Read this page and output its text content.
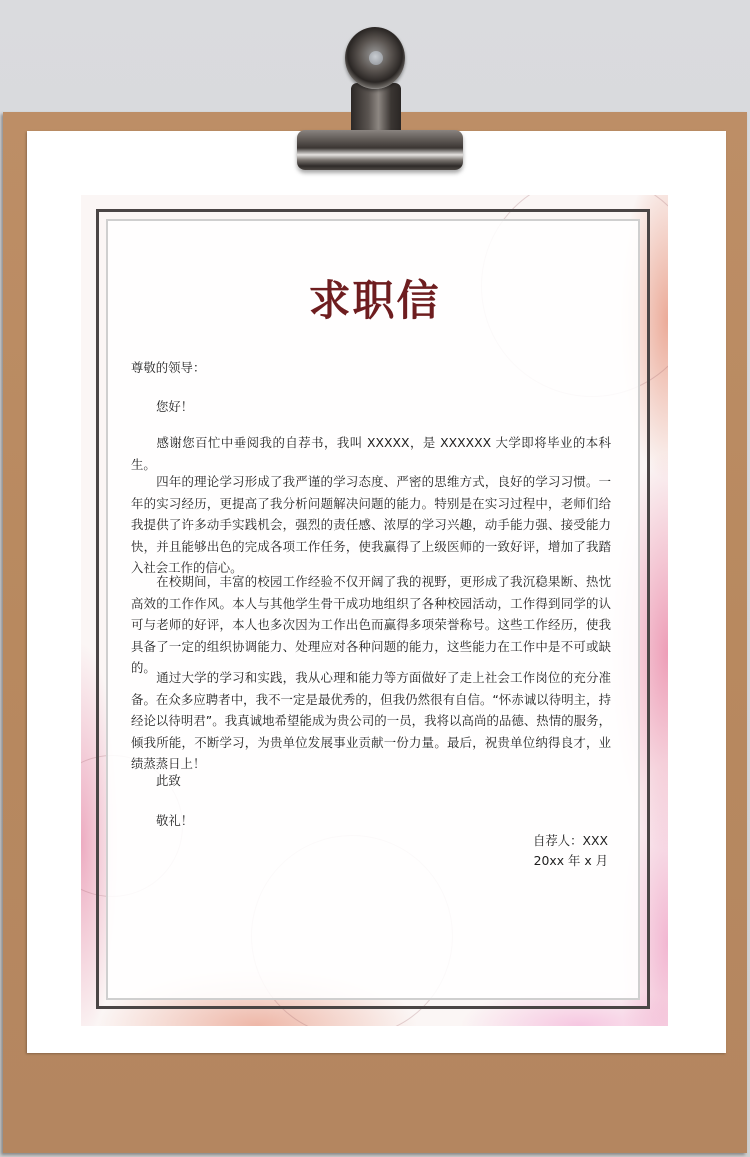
求职信
尊敬的领导：
您好！
感谢您百忙中垂阅我的自荐书，我叫 XXXXX，是 XXXXXX 大学即将毕业的本科生。
四年的理论学习形成了我严谨的学习态度、严密的思维方式，良好的学习习惯。一年的实习经历，更提高了我分析问题解决问题的能力。特别是在实习过程中，老师们给我提供了许多动手实践机会，强烈的责任感、浓厚的学习兴趣，动手能力强、接受能力快，并且能够出色的完成各项工作任务，使我赢得了上级医师的一致好评，增加了我踏入社会工作的信心。
在校期间，丰富的校园工作经验不仅开阔了我的视野，更形成了我沉稳果断、热忱高效的工作作风。本人与其他学生骨干成功地组织了各种校园活动，工作得到同学的认可与老师的好评，本人也多次因为工作出色而赢得多项荣誉称号。这些工作经历，使我具备了一定的组织协调能力、处理应对各种问题的能力，这些能力在工作中是不可或缺的。
通过大学的学习和实践，我从心理和能力等方面做好了走上社会工作岗位的充分准备。在众多应聘者中，我不一定是最优秀的，但我仍然很有自信。“怀赤诚以待明主，持经论以待明君”。我真诚地希望能成为贵公司的一员，我将以高尚的品德、热情的服务，倾我所能，不断学习，为贵单位发展事业贡献一份力量。最后，祝贵单位纳得良才，业绩蒸蒸日上！
此致
敬礼！
自荐人：XXX
20xx 年 x 月
